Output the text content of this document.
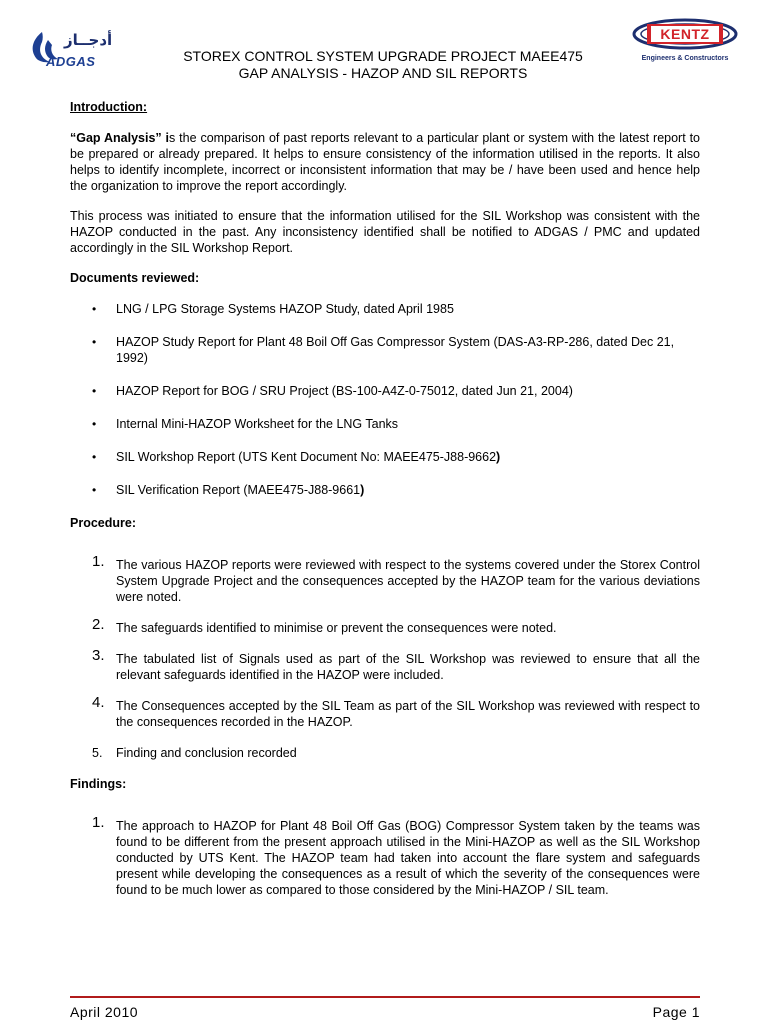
أدجــاز
ADGAS	STOREX CONTROL SYSTEM UPGRADE PROJECT MAEE475
GAP ANALYSIS - HAZOP AND SIL REPORTS
KENTZ
Engineers & Constructors
Introduction:

“Gap Analysis” is the comparison of past reports relevant to a particular plant or system with the latest report to be prepared or already prepared. It helps to ensure consistency of the information utilised in the reports. It also helps to identify incomplete, incorrect or inconsistent information that may be / have been used and hence help the organization to improve the report accordingly.

This process was initiated to ensure that the information utilised for the SIL Workshop was consistent with the HAZOP conducted in the past. Any inconsistency identified shall be notified to ADGAS / PMC and updated accordingly in the SIL Workshop Report.

Documents reviewed:
• LNG / LPG Storage Systems HAZOP Study, dated April 1985
• HAZOP Study Report for Plant 48 Boil Off Gas Compressor System (DAS-A3-RP-286, dated Dec 21, 1992)
• HAZOP Report for BOG / SRU Project (BS-100-A4Z-0-75012, dated Jun 21, 2004)
• Internal Mini-HAZOP Worksheet for the LNG Tanks
• SIL Workshop Report (UTS Kent Document No: MAEE475-J88-9662)
• SIL Verification Report (MAEE475-J88-9661)
Procedure:
1. The various HAZOP reports were reviewed with respect to the systems covered under the Storex Control System Upgrade Project and the consequences accepted by the HAZOP team for the various deviations were noted.
2. The safeguards identified to minimise or prevent the consequences were noted.
3. The tabulated list of Signals used as part of the SIL Workshop was reviewed to ensure that all the relevant safeguards identified in the HAZOP were included.
4. The Consequences accepted by the SIL Team as part of the SIL Workshop was reviewed with respect to the consequences recorded in the HAZOP.
5. Finding and conclusion recorded
Findings:
1. The approach to HAZOP for Plant 48 Boil Off Gas (BOG) Compressor System taken by the teams was found to be different from the present approach utilised in the Mini-HAZOP as well as the SIL Workshop conducted by UTS Kent. The HAZOP team had taken into account the flare system and safeguards present while developing the consequences as a result of which the severity of the consequences were found to be much lower as compared to those considered by the Mini-HAZOP / SIL team.
April 2010	Page 1
